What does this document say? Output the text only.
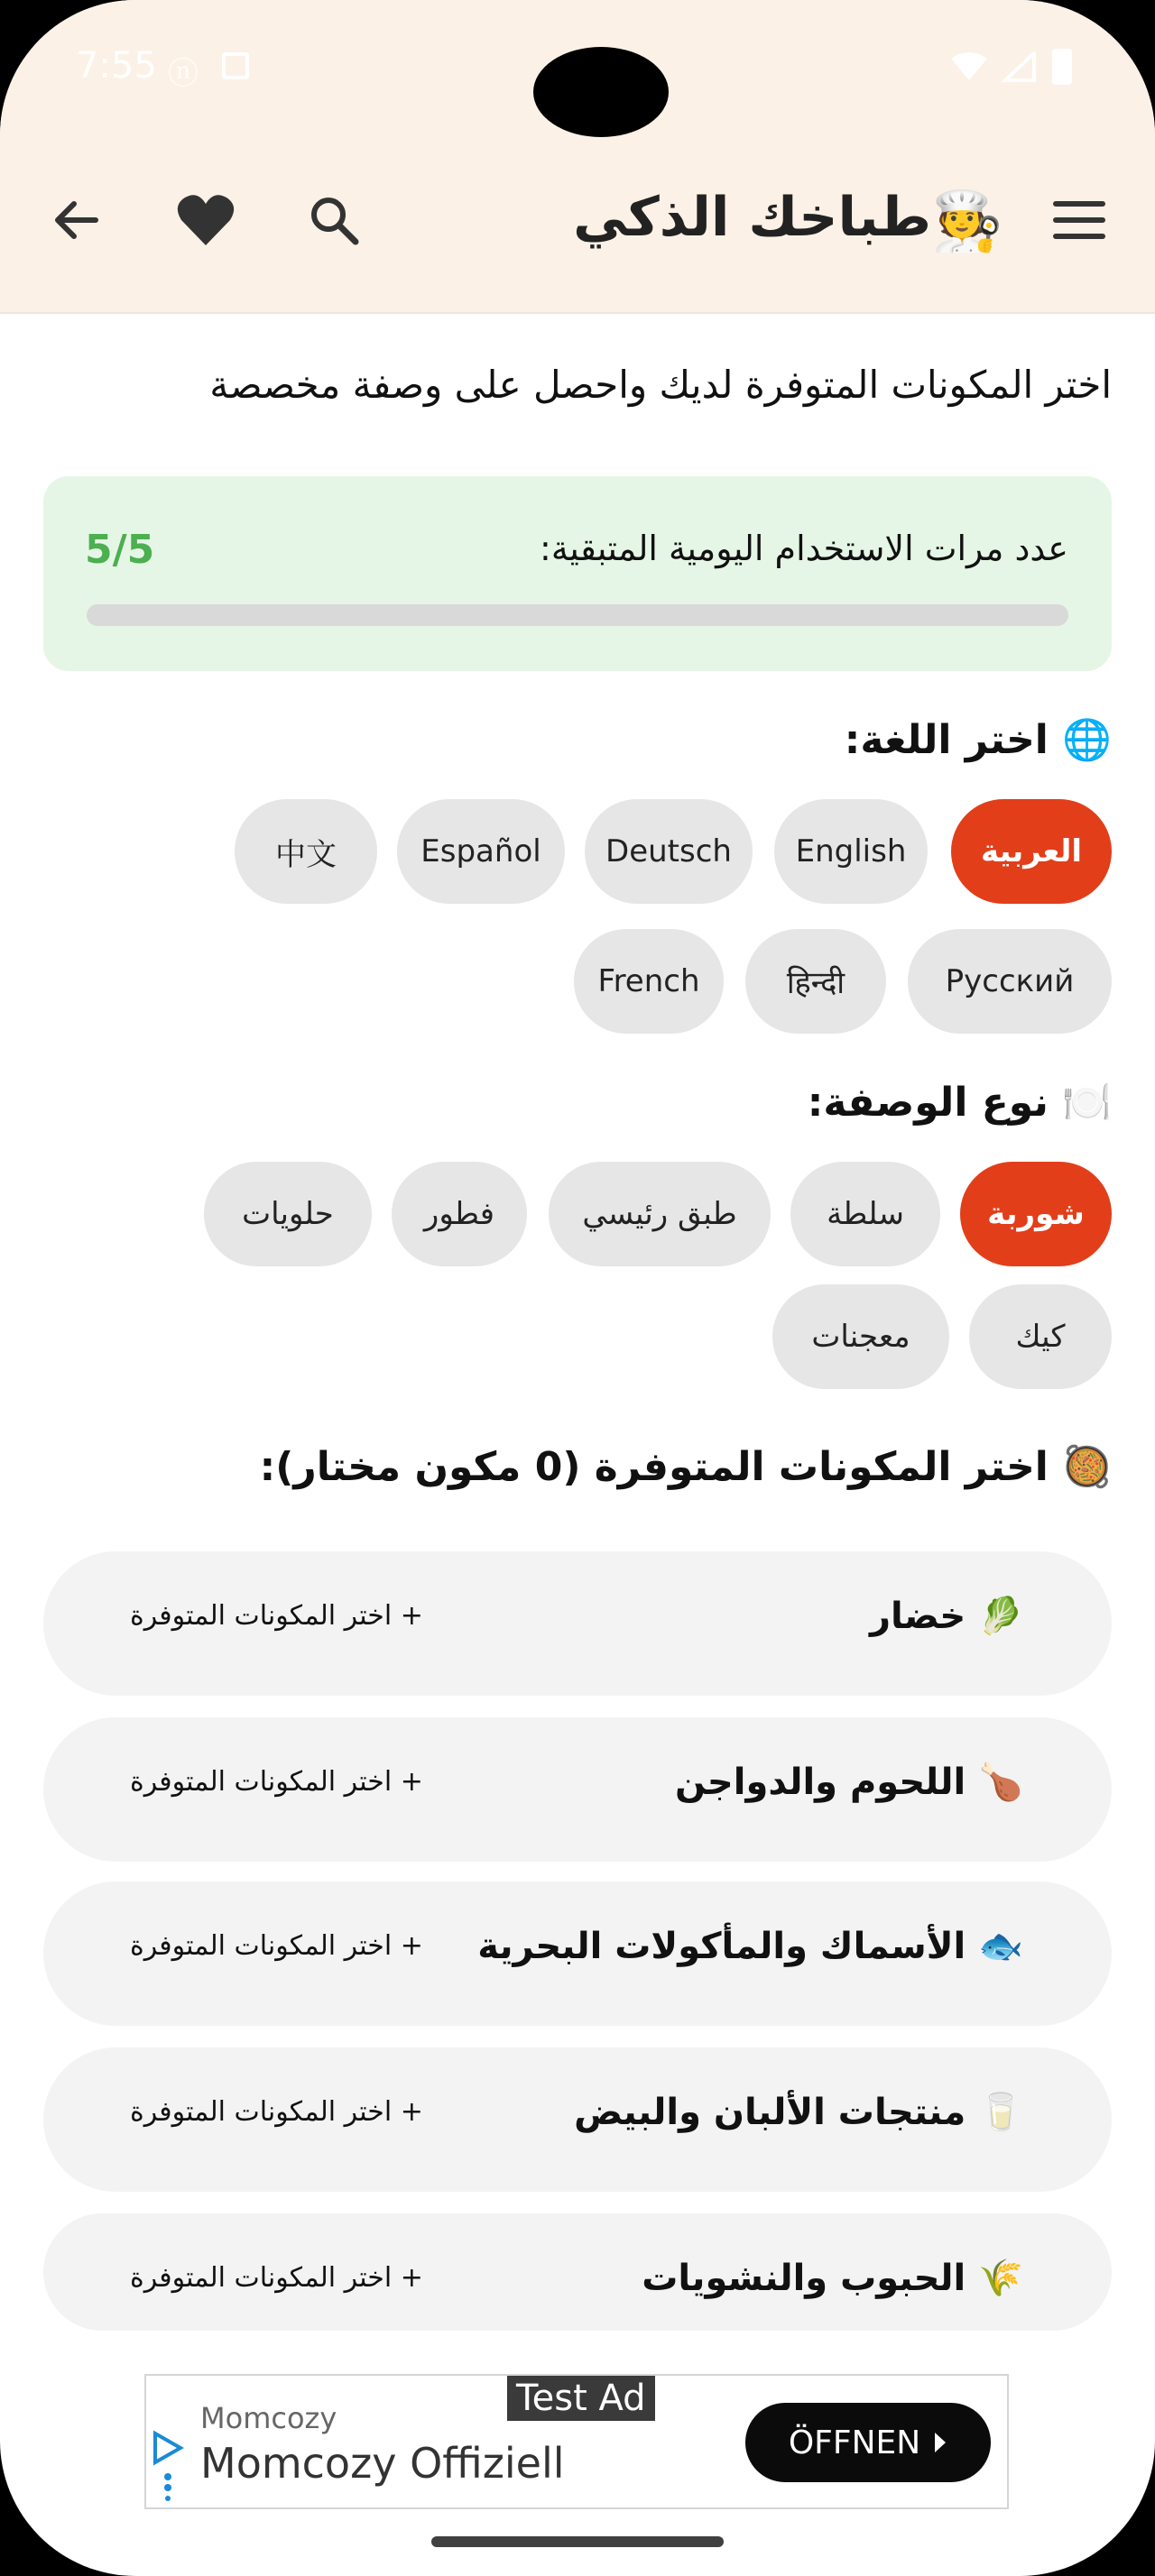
7:55 ⓝ
طباخك الذكي 🧑‍🍳
اختر المكونات المتوفرة لديك واحصل على وصفة مخصصة
عدد مرات الاستخدام اليومية المتبقية:
5/5
🌐 اختر اللغة:
العربية
English
Deutsch
Español
中文
Русский
हिन्दी
French
🍽️ نوع الوصفة:
شوربة
سلطة
طبق رئيسي
فطور
حلويات
كيك
معجنات
🥘 اختر المكونات المتوفرة (0 مكون مختار):
🥬 خضار
+ اختر المكونات المتوفرة
🍗 اللحوم والدواجن
+ اختر المكونات المتوفرة
🐟 الأسماك والمأكولات البحرية
+ اختر المكونات المتوفرة
🥛 منتجات الألبان والبيض
+ اختر المكونات المتوفرة
🌾 الحبوب والنشويات
+ اختر المكونات المتوفرة
Test Ad
Momcozy
Momcozy Offiziell	ÖFFNEN
